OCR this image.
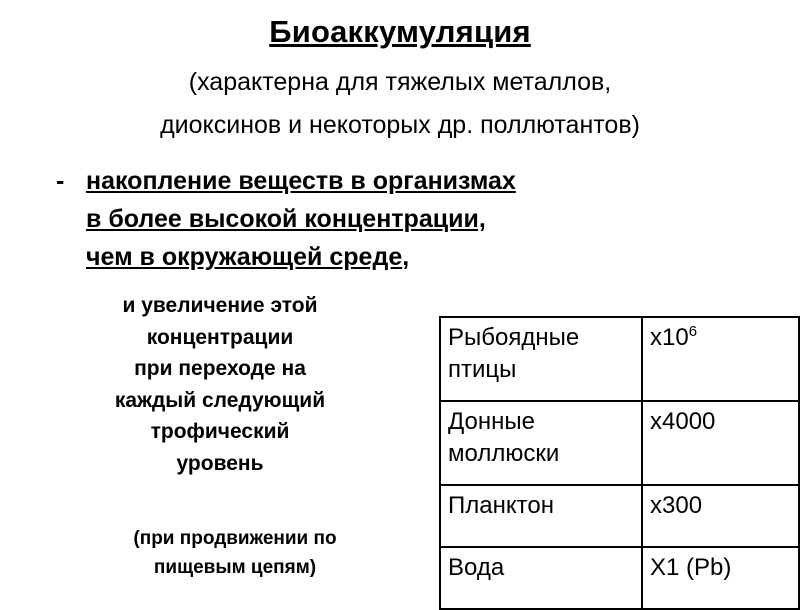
Биоаккумуляция
(характерна для тяжелых металлов,
диоксинов и некоторых др. поллютантов)
- накопление веществ в организмах
в более высокой концентрации,
чем в окружающей среде,
и увеличение этой
концентрации
при переходе на
каждый следующий
трофический
уровень
(при продвижении по
пищевым цепям)
Рыбоядные
птицы	$x10^6$

Донные
моллюски	x4000

Планктон	x300

Вода	X1 (Pb)
